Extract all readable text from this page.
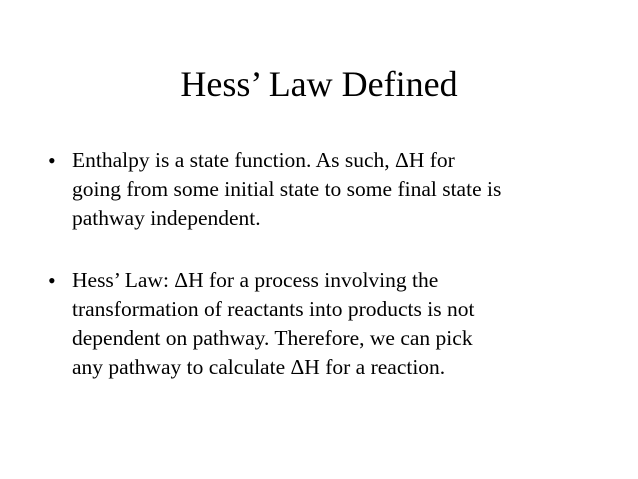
Hess’ Law Defined
• Enthalpy is a state function. As such, ΔH for
going from some initial state to some final state is
pathway independent.
• Hess’ Law: ΔH for a process involving the
transformation of reactants into products is not
dependent on pathway. Therefore, we can pick
any pathway to calculate ΔH for a reaction.
